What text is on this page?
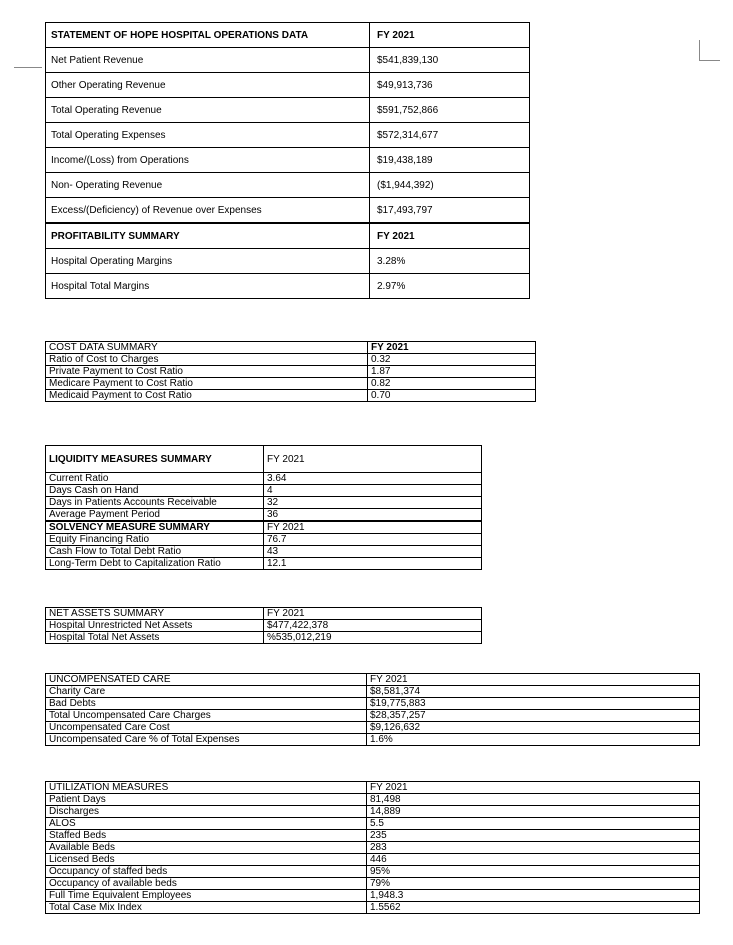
STATEMENT OF HOPE HOSPITAL OPERATIONS DATA	FY 2021
Net Patient Revenue	$541,839,130
Other Operating Revenue	$49,913,736
Total Operating Revenue	$591,752,866
Total Operating Expenses	$572,314,677
Income/(Loss) from Operations	$19,438,189
Non- Operating Revenue	($1,944,392)
Excess/(Deficiency) of Revenue over Expenses	$17,493,797
PROFITABILITY SUMMARY	FY 2021
Hospital Operating Margins	3.28%
Hospital Total Margins	2.97%
COST DATA SUMMARY	FY 2021
Ratio of Cost to Charges	0.32
Private Payment to Cost Ratio	1.87
Medicare Payment to Cost Ratio	0.82
Medicaid Payment to Cost Ratio	0.70
LIQUIDITY MEASURES SUMMARY	FY 2021
Current Ratio	3.64
Days Cash on Hand	4
Days in Patients Accounts Receivable	32
Average Payment Period	36
SOLVENCY MEASURE SUMMARY	FY 2021
Equity Financing Ratio	76.7
Cash Flow to Total Debt Ratio	43
Long-Term Debt to Capitalization Ratio	12.1
NET ASSETS SUMMARY	FY 2021
Hospital Unrestricted Net Assets	$477,422,378
Hospital Total Net Assets	%535,012,219
UNCOMPENSATED CARE	FY 2021
Charity Care	$8,581,374
Bad Debts	$19,775,883
Total Uncompensated Care Charges	$28,357,257
Uncompensated Care Cost	$9,126,632
Uncompensated Care % of Total Expenses	1.6%
UTILIZATION MEASURES	FY 2021
Patient Days	81,498
Discharges	14,889
ALOS	5.5
Staffed Beds	235
Available Beds	283
Licensed Beds	446
Occupancy of staffed beds	95%
Occupancy of available beds	79%
Full Time Equivalent Employees	1,948.3
Total Case Mix Index	1.5562
